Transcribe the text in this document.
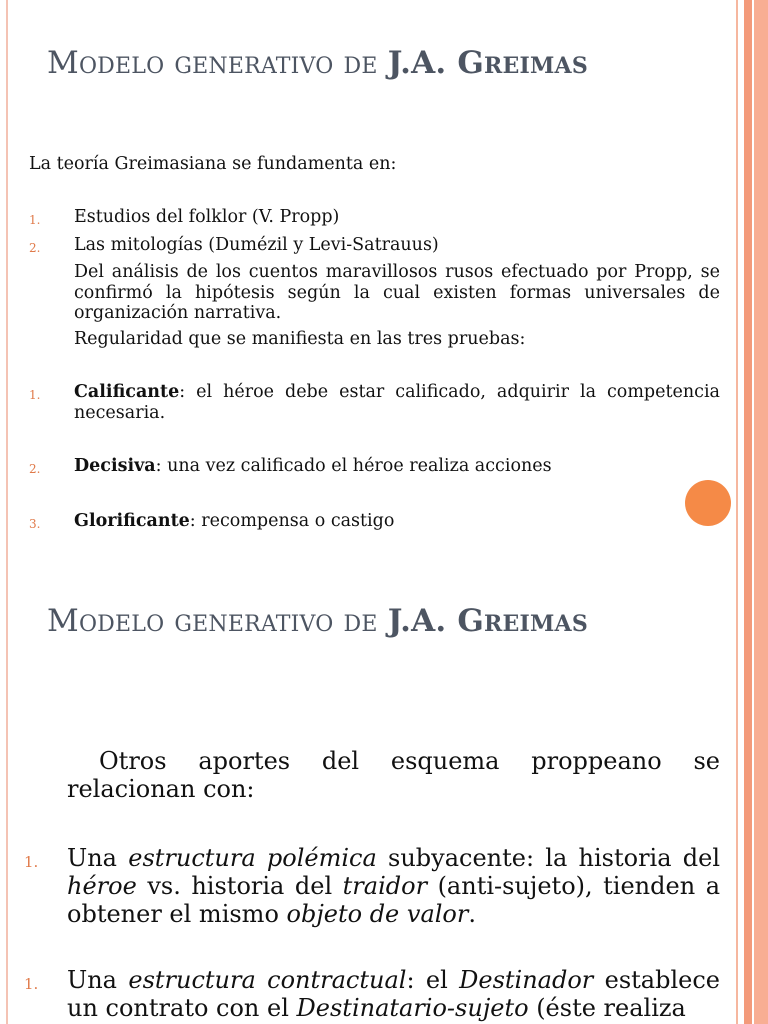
Modelo generativo de J.A. Greimas
La teoría Greimasiana se fundamenta en:
1. Estudios del folklor (V. Propp)
2. Las mitologías (Dumézil y Levi-Satrauus)
Del análisis de los cuentos maravillosos rusos efectuado por Propp, se confirmó la hipótesis según la cual existen formas universales de organización narrativa.
Regularidad que se manifiesta en las tres pruebas:
1. Calificante: el héroe debe estar calificado, adquirir la competencia necesaria.
2. Decisiva: una vez calificado el héroe realiza acciones
3. Glorificante: recompensa o castigo
Modelo generativo de J.A. Greimas
Otros aportes del esquema proppeano se relacionan con:
1. Una estructura polémica subyacente: la historia del héroe vs. historia del traidor (anti-sujeto), tienden a obtener el mismo objeto de valor.
1. Una estructura contractual: el Destinador establece un contrato con el Destinatario-sujeto (éste realiza
